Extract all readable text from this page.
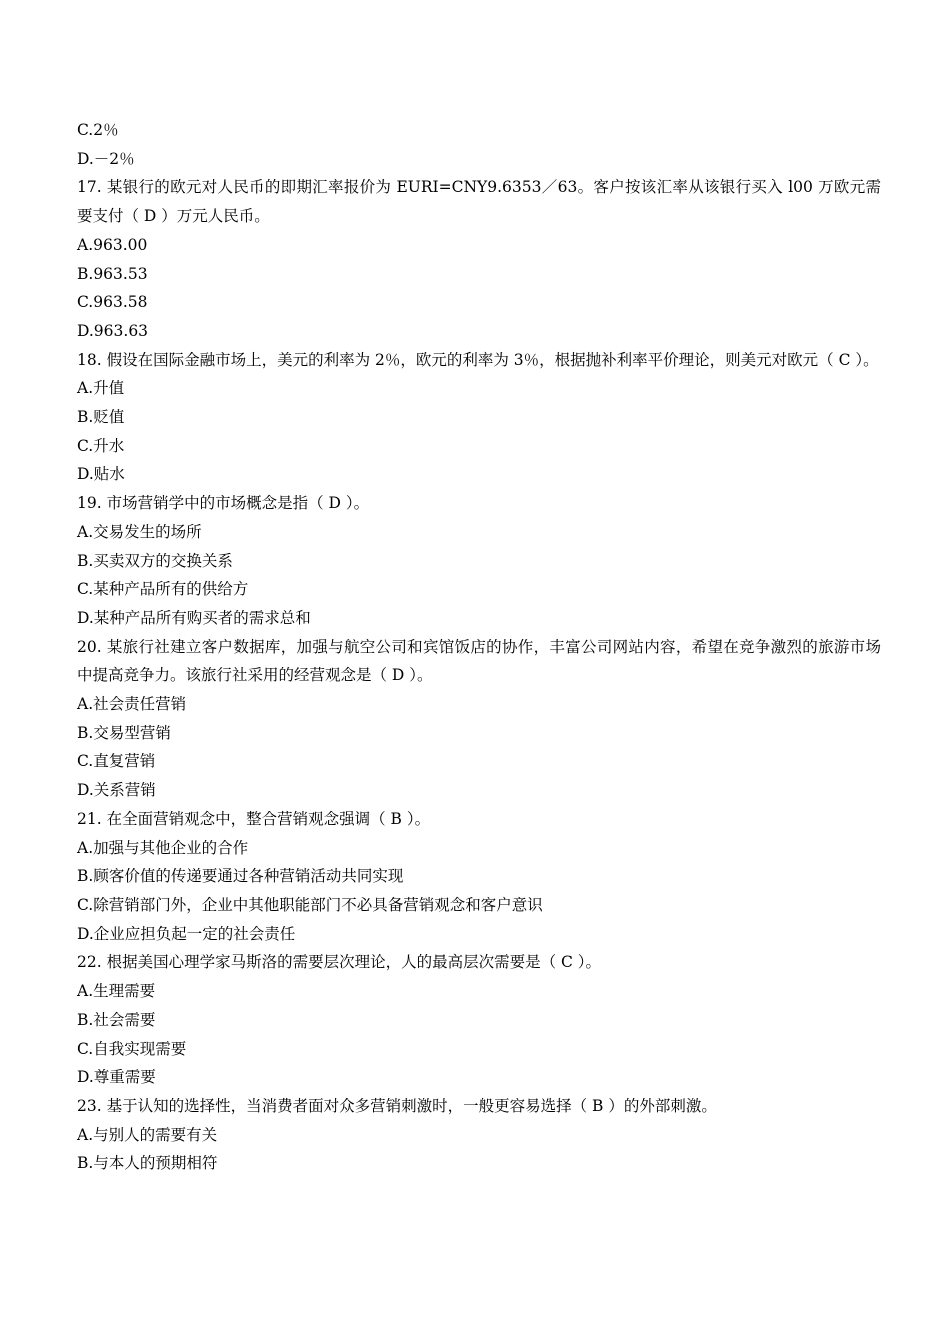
C.2％
D.－2％
17. 某银行的欧元对人民币的即期汇率报价为 EURI=CNY9.6353／63。客户按该汇率从该银行买入 l00 万欧元需要支付（ D ）万元人民币。
A.963.00
B.963.53
C.963.58
D.963.63
18. 假设在国际金融市场上，美元的利率为 2％，欧元的利率为 3％，根据抛补利率平价理论，则美元对欧元（ C ）。
A.升值
B.贬值
C.升水
D.贴水
19. 市场营销学中的市场概念是指（ D ）。
A.交易发生的场所
B.买卖双方的交换关系
C.某种产品所有的供给方
D.某种产品所有购买者的需求总和
20. 某旅行社建立客户数据库，加强与航空公司和宾馆饭店的协作，丰富公司网站内容，希望在竞争激烈的旅游市场中提高竞争力。该旅行社采用的经营观念是（ D ）。
A.社会责任营销
B.交易型营销
C.直复营销
D.关系营销
21. 在全面营销观念中，整合营销观念强调（ B ）。
A.加强与其他企业的合作
B.顾客价值的传递要通过各种营销活动共同实现
C.除营销部门外，企业中其他职能部门不必具备营销观念和客户意识
D.企业应担负起一定的社会责任
22. 根据美国心理学家马斯洛的需要层次理论，人的最高层次需要是（ C ）。
A.生理需要
B.社会需要
C.自我实现需要
D.尊重需要
23. 基于认知的选择性，当消费者面对众多营销刺激时，一般更容易选择（ B ）的外部刺激。
A.与别人的需要有关
B.与本人的预期相符
